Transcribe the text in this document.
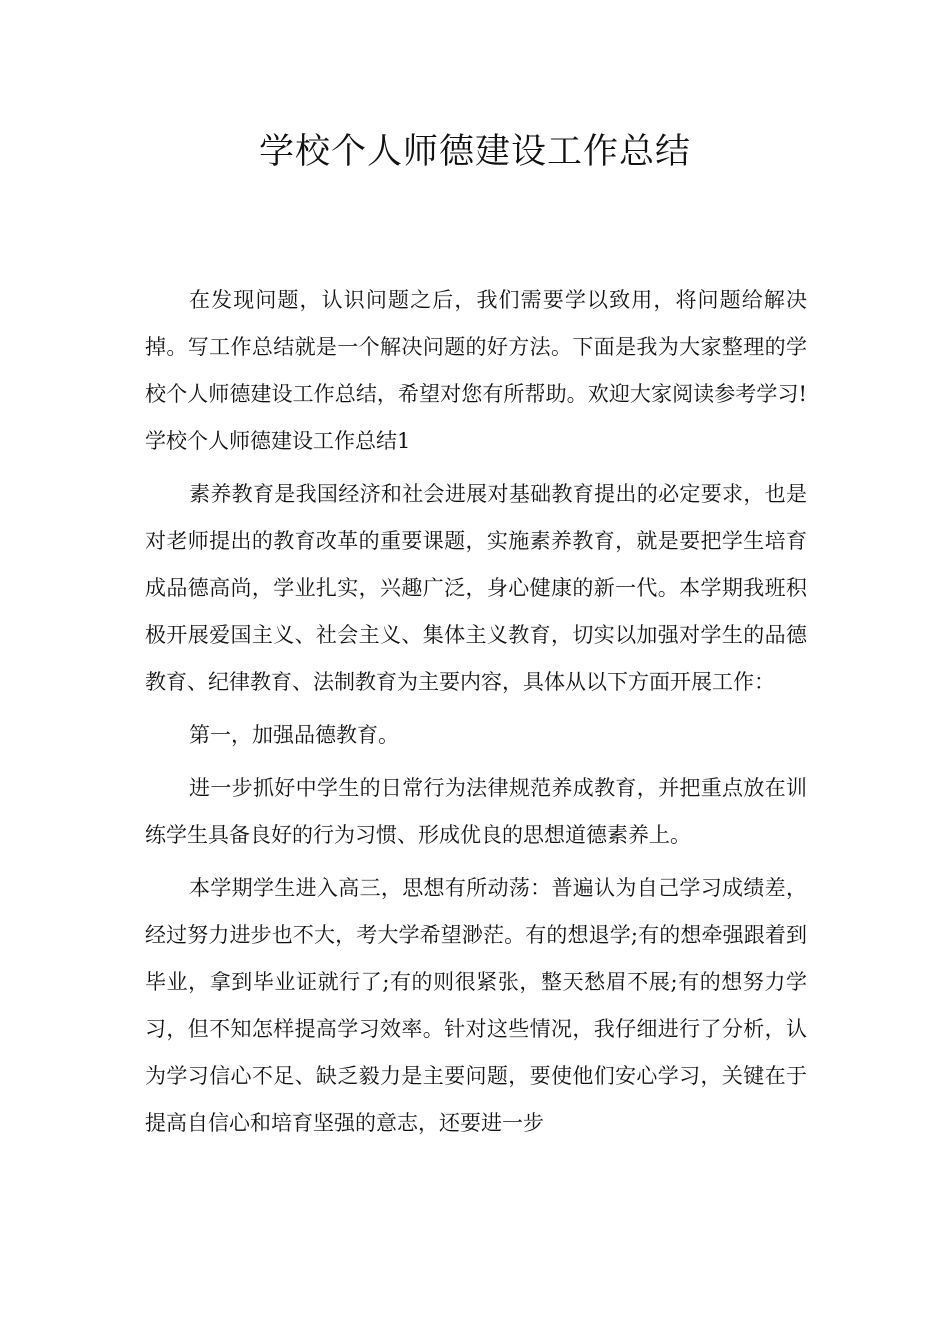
学校个人师德建设工作总结

在发现问题，认识问题之后，我们需要学以致用，将问题给解决掉。写工作总结就是一个解决问题的好方法。下面是我为大家整理的学校个人师德建设工作总结，希望对您有所帮助。欢迎大家阅读参考学习!学校个人师德建设工作总结1

素养教育是我国经济和社会进展对基础教育提出的必定要求，也是对老师提出的教育改革的重要课题，实施素养教育，就是要把学生培育成品德高尚，学业扎实，兴趣广泛，身心健康的新一代。本学期我班积极开展爱国主义、社会主义、集体主义教育，切实以加强对学生的品德教育、纪律教育、法制教育为主要内容，具体从以下方面开展工作：

第一，加强品德教育。

进一步抓好中学生的日常行为法律规范养成教育，并把重点放在训练学生具备良好的行为习惯、形成优良的思想道德素养上。

本学期学生进入高三，思想有所动荡：普遍认为自己学习成绩差，经过努力进步也不大，考大学希望渺茫。有的想退学;有的想牵强跟着到毕业，拿到毕业证就行了;有的则很紧张，整天愁眉不展;有的想努力学习，但不知怎样提高学习效率。针对这些情况，我仔细进行了分析，认为学习信心不足、缺乏毅力是主要问题，要使他们安心学习，关键在于提高自信心和培育坚强的意志，还要进一步
